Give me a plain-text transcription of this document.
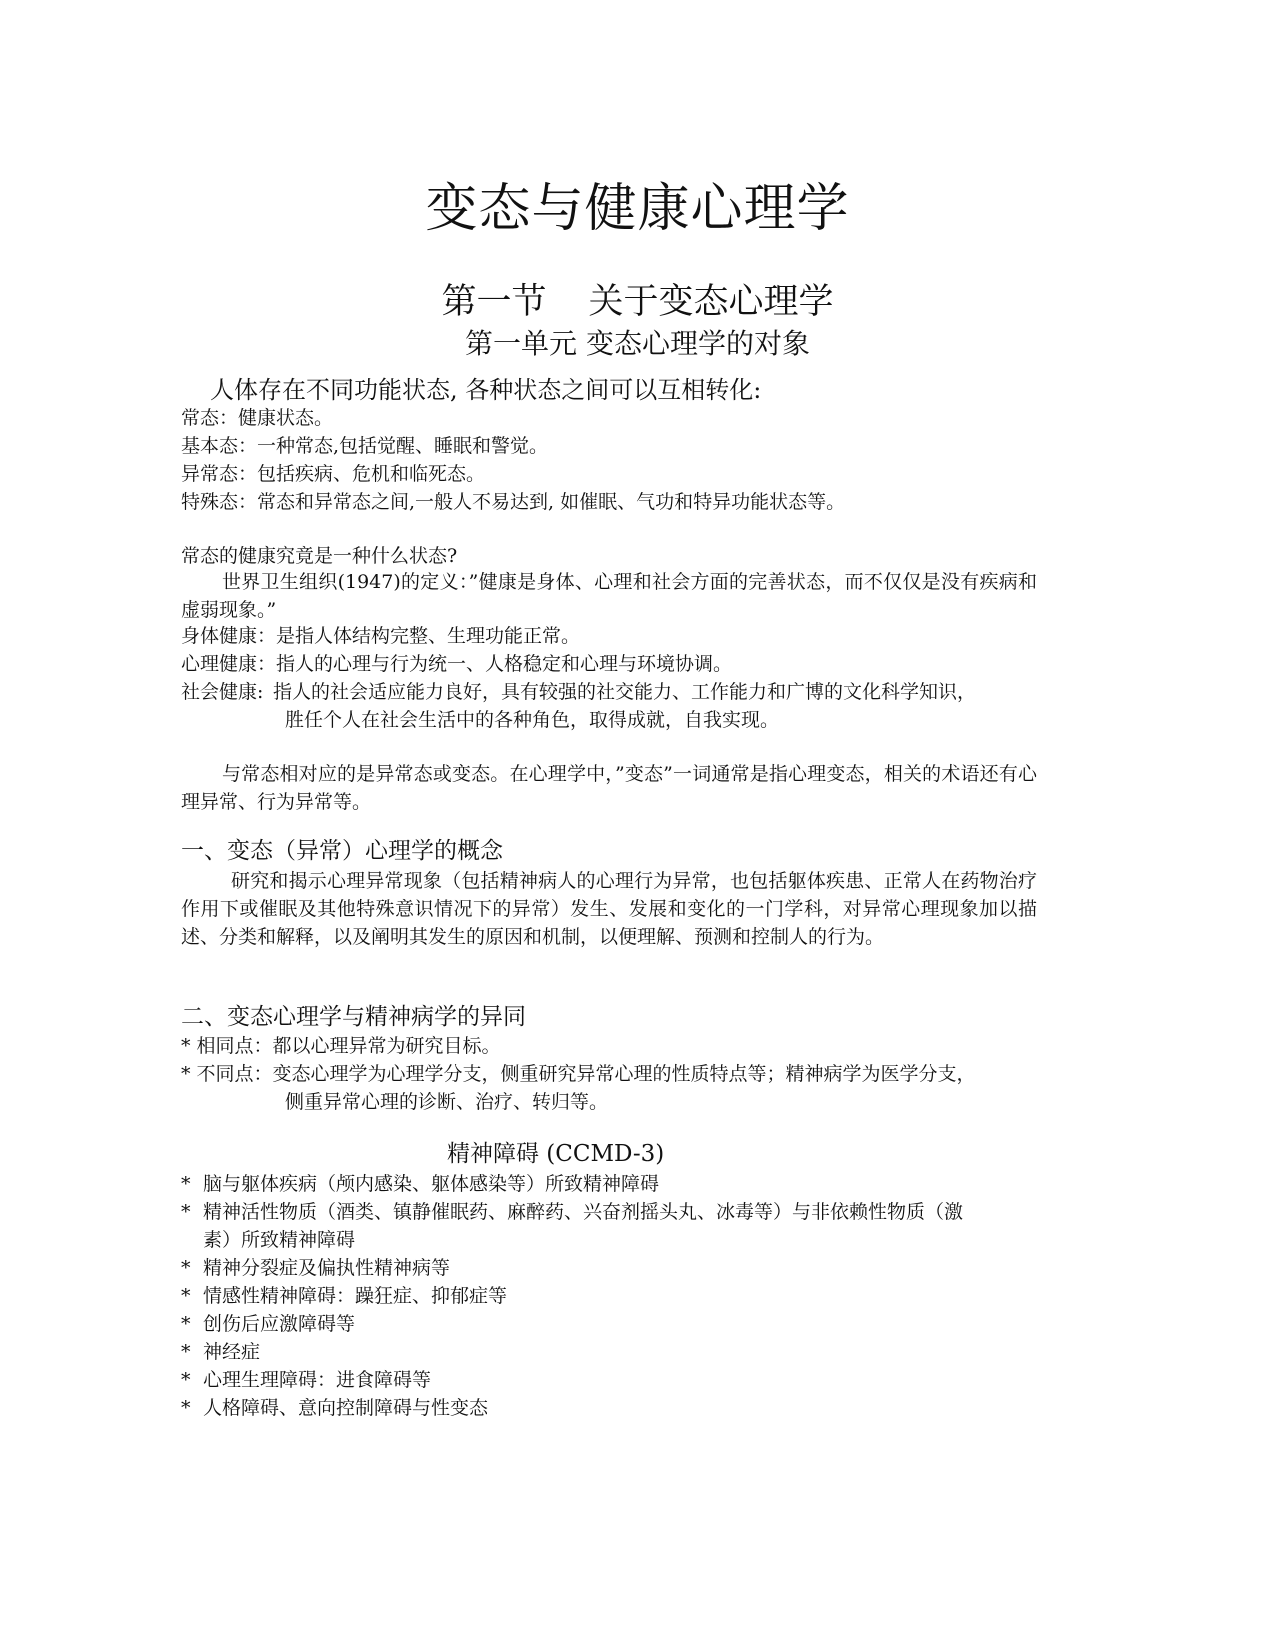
变态与健康心理学
第一节 关于变态心理学
第一单元 变态心理学的对象
人体存在不同功能状态, 各种状态之间可以互相转化:
常态：健康状态。
基本态：一种常态,包括觉醒、睡眠和警觉。
异常态：包括疾病、危机和临死态。
特殊态：常态和异常态之间,一般人不易达到, 如催眠、气功和特异功能状态等。
常态的健康究竟是一种什么状态?
世界卫生组织(1947)的定义：”健康是身体、心理和社会方面的完善状态，而不仅仅是没有疾病和虚弱现象。”
身体健康：是指人体结构完整、生理功能正常。
心理健康：指人的心理与行为统一、人格稳定和心理与环境协调。
社会健康: 指人的社会适应能力良好，具有较强的社交能力、工作能力和广博的文化科学知识，
胜任个人在社会生活中的各种角色，取得成就，自我实现。
与常态相对应的是异常态或变态。在心理学中，”变态”一词通常是指心理变态，相关的术语还有心理异常、行为异常等。
一、变态（异常）心理学的概念
研究和揭示心理异常现象（包括精神病人的心理行为异常，也包括躯体疾患、正常人在药物治疗作用下或催眠及其他特殊意识情况下的异常）发生、发展和变化的一门学科，对异常心理现象加以描述、分类和解释，以及阐明其发生的原因和机制，以便理解、预测和控制人的行为。
二、变态心理学与精神病学的异同
* 相同点：都以心理异常为研究目标。
* 不同点：变态心理学为心理学分支，侧重研究异常心理的性质特点等；精神病学为医学分支，
侧重异常心理的诊断、治疗、转归等。
精神障碍 (CCMD-3)
* 脑与躯体疾病（颅内感染、躯体感染等）所致精神障碍
* 精神活性物质（酒类、镇静催眠药、麻醉药、兴奋剂摇头丸、冰毒等）与非依赖性物质（激
素）所致精神障碍
* 精神分裂症及偏执性精神病等
* 情感性精神障碍：躁狂症、抑郁症等
* 创伤后应激障碍等
* 神经症
* 心理生理障碍：进食障碍等
* 人格障碍、意向控制障碍与性变态
